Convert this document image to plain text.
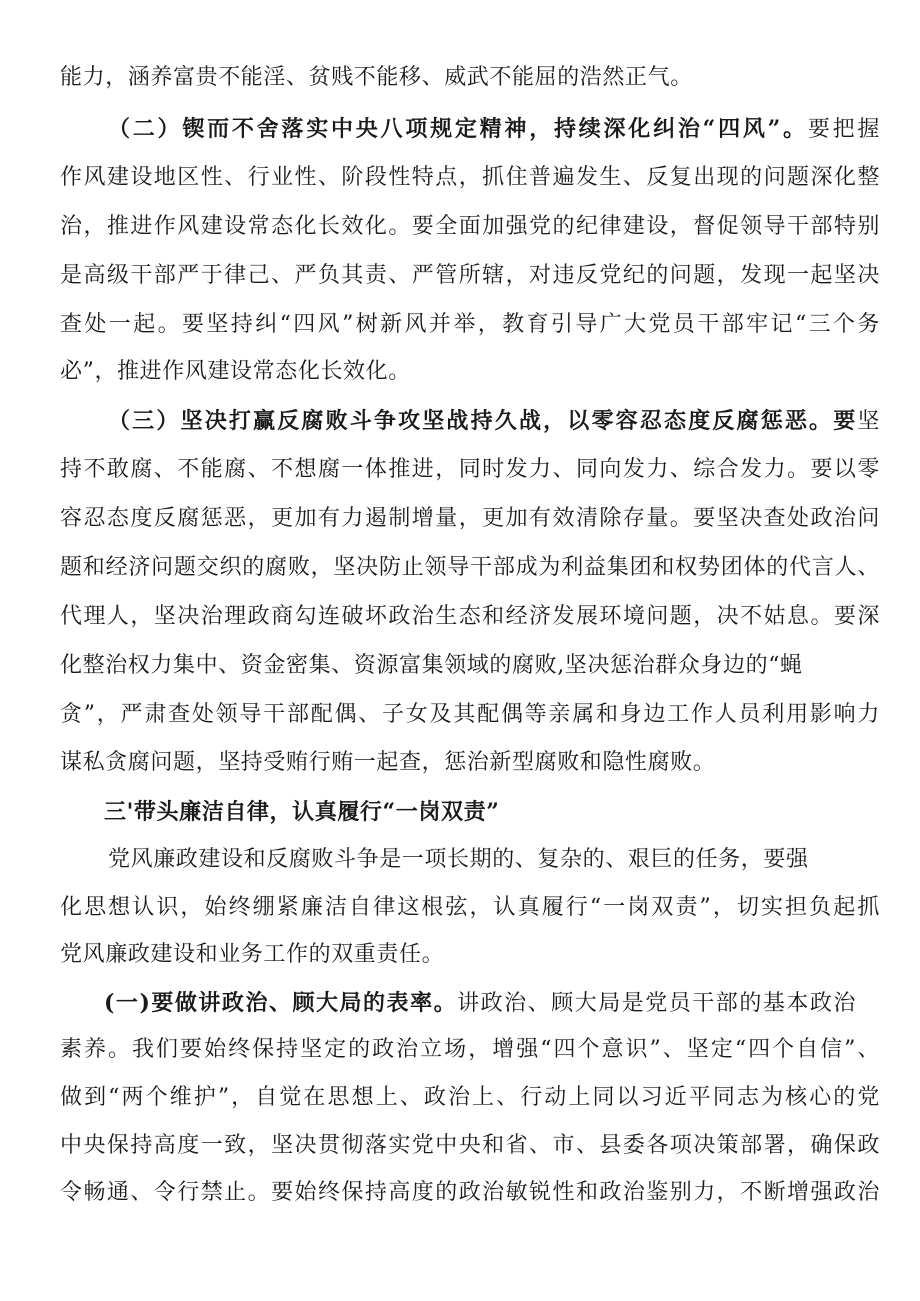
能力，涵养富贵不能淫、贫贱不能移、威武不能屈的浩然正气。
（二）锲而不舍落实中央八项规定精神，持续深化纠治“四风”。要把握
作风建设地区性、行业性、阶段性特点，抓住普遍发生、反复出现的问题深化整
治，推进作风建设常态化长效化。要全面加强党的纪律建设，督促领导干部特别
是高级干部严于律己、严负其责、严管所辖，对违反党纪的问题，发现一起坚决
查处一起。要坚持纠“四风”树新风并举，教育引导广大党员干部牢记“三个务
必”，推进作风建设常态化长效化。
（三）坚决打赢反腐败斗争攻坚战持久战，以零容忍态度反腐惩恶。要坚
持不敢腐、不能腐、不想腐一体推进，同时发力、同向发力、综合发力。要以零
容忍态度反腐惩恶，更加有力遏制增量，更加有效清除存量。要坚决查处政治问
题和经济问题交织的腐败，坚决防止领导干部成为利益集团和权势团体的代言人、
代理人，坚决治理政商勾连破坏政治生态和经济发展环境问题，决不姑息。要深
化整治权力集中、资金密集、资源富集领域的腐败,坚决惩治群众身边的“蝇
贪”，严肃查处领导干部配偶、子女及其配偶等亲属和身边工作人员利用影响力
谋私贪腐问题，坚持受贿行贿一起查，惩治新型腐败和隐性腐败。
三'带头廉洁自律，认真履行“一岗双责”
党风廉政建设和反腐败斗争是一项长期的、复杂的、艰巨的任务，要强
化思想认识，始终绷紧廉洁自律这根弦，认真履行“一岗双责”，切实担负起抓
党风廉政建设和业务工作的双重责任。
(一)要做讲政治、顾大局的表率。讲政治、顾大局是党员干部的基本政治
素养。我们要始终保持坚定的政治立场，增强“四个意识”、坚定“四个自信”、
做到“两个维护”，自觉在思想上、政治上、行动上同以习近平同志为核心的党
中央保持高度一致，坚决贯彻落实党中央和省、市、县委各项决策部署，确保政
令畅通、令行禁止。要始终保持高度的政治敏锐性和政治鉴别力，不断增强政治
